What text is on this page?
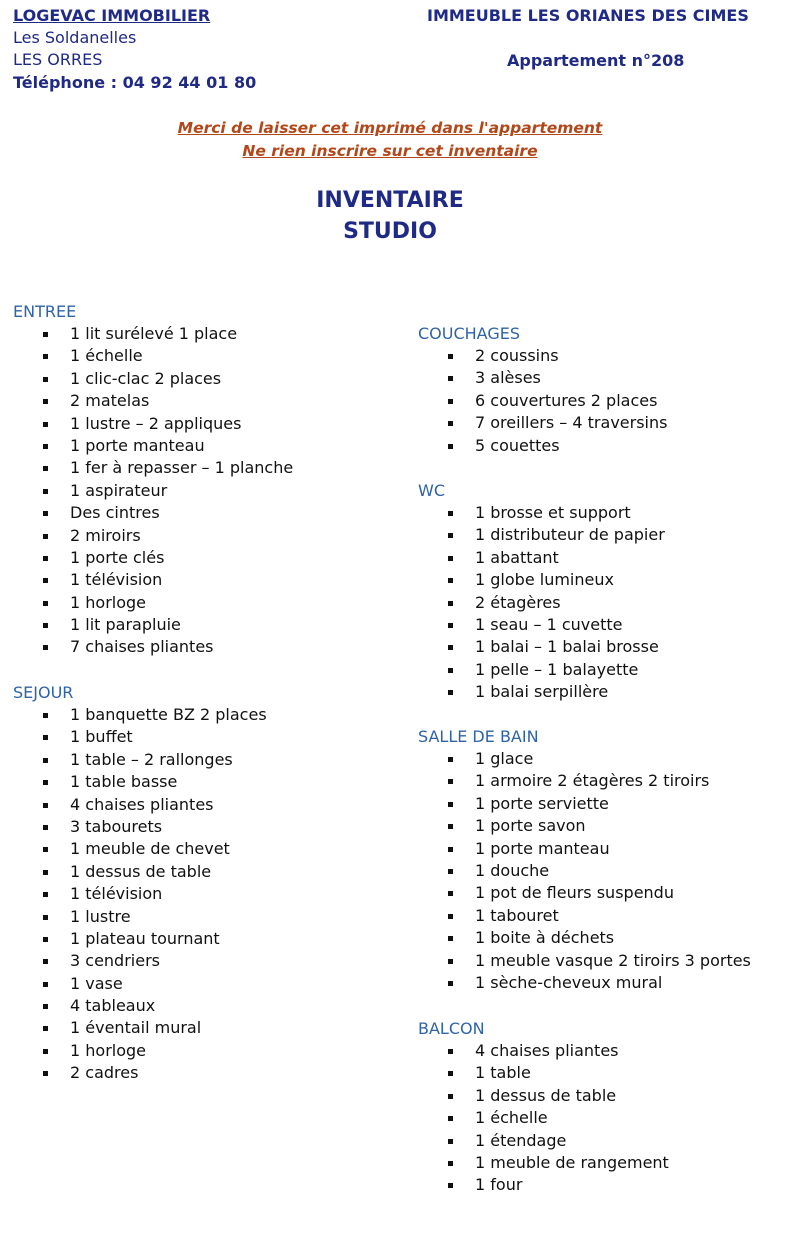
LOGEVAC IMMOBILIER
Les Soldanelles
LES ORRES
Téléphone : 04 92 44 01 80
IMMEUBLE LES ORIANES DES CIMES
Appartement n°208
Merci de laisser cet imprimé dans l'appartement
Ne rien inscrire sur cet inventaire
INVENTAIRE
STUDIO
ENTREE
1 lit surélevé 1 place
1 échelle
1 clic-clac 2 places
2 matelas
1 lustre – 2 appliques
1 porte manteau
1 fer à repasser – 1 planche
1 aspirateur
Des cintres
2 miroirs
1 porte clés
1 télévision
1 horloge
1 lit parapluie
7 chaises pliantes
SEJOUR
1 banquette BZ 2 places
1 buffet
1 table – 2 rallonges
1 table basse
4 chaises pliantes
3 tabourets
1 meuble de chevet
1 dessus de table
1 télévision
1 lustre
1 plateau tournant
3 cendriers
1 vase
4 tableaux
1 éventail mural
1 horloge
2 cadres
COUCHAGES
2 coussins
3 alèses
6 couvertures 2 places
7 oreillers – 4 traversins
5 couettes
WC
1 brosse et support
1 distributeur de papier
1 abattant
1 globe lumineux
2 étagères
1 seau – 1 cuvette
1 balai – 1 balai brosse
1 pelle – 1 balayette
1 balai serpillère
SALLE DE BAIN
1 glace
1 armoire 2 étagères 2 tiroirs
1 porte serviette
1 porte savon
1 porte manteau
1 douche
1 pot de fleurs suspendu
1 tabouret
1 boite à déchets
1 meuble vasque 2 tiroirs 3 portes
1 sèche-cheveux mural
BALCON
4 chaises pliantes
1 table
1 dessus de table
1 échelle
1 étendage
1 meuble de rangement
1 four
